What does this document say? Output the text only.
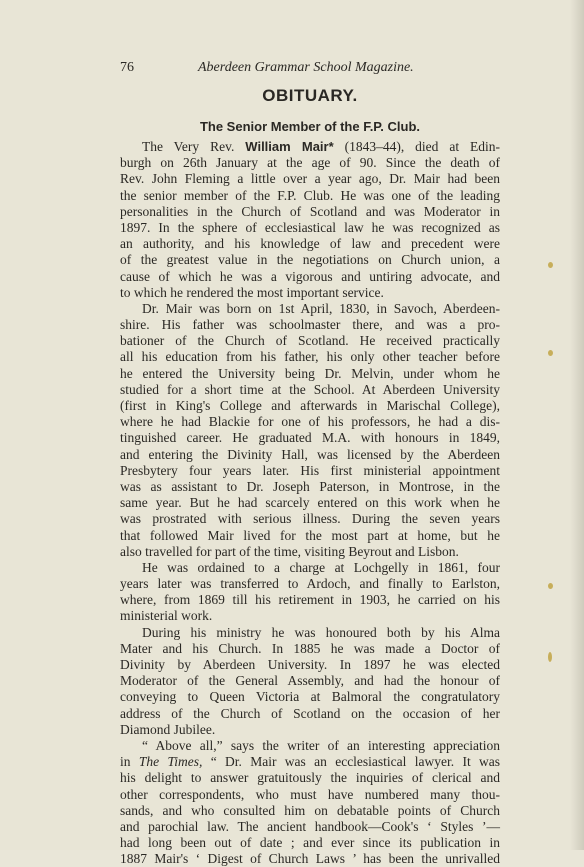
76	Aberdeen Grammar School Magazine.
OBITUARY.
The Senior Member of the F.P. Club.
The Very Rev. William Mair* (1843–44), died at Edin-
burgh on 26th January at the age of 90. Since the death of
Rev. John Fleming a little over a year ago, Dr. Mair had been
the senior member of the F.P. Club. He was one of the leading
personalities in the Church of Scotland and was Moderator in
1897. In the sphere of ecclesiastical law he was recognized as
an authority, and his knowledge of law and precedent were
of the greatest value in the negotiations on Church union, a
cause of which he was a vigorous and untiring advocate, and
to which he rendered the most important service.
Dr. Mair was born on 1st April, 1830, in Savoch, Aberdeen-
shire. His father was schoolmaster there, and was a pro-
bationer of the Church of Scotland. He received practically
all his education from his father, his only other teacher before
he entered the University being Dr. Melvin, under whom he
studied for a short time at the School. At Aberdeen University
(first in King's College and afterwards in Marischal College),
where he had Blackie for one of his professors, he had a dis-
tinguished career. He graduated M.A. with honours in 1849,
and entering the Divinity Hall, was licensed by the Aberdeen
Presbytery four years later. His first ministerial appointment
was as assistant to Dr. Joseph Paterson, in Montrose, in the
same year. But he had scarcely entered on this work when he
was prostrated with serious illness. During the seven years
that followed Mair lived for the most part at home, but he
also travelled for part of the time, visiting Beyrout and Lisbon.
He was ordained to a charge at Lochgelly in 1861, four
years later was transferred to Ardoch, and finally to Earlston,
where, from 1869 till his retirement in 1903, he carried on his
ministerial work.
During his ministry he was honoured both by his Alma
Mater and his Church. In 1885 he was made a Doctor of
Divinity by Aberdeen University. In 1897 he was elected
Moderator of the General Assembly, and had the honour of
conveying to Queen Victoria at Balmoral the congratulatory
address of the Church of Scotland on the occasion of her
Diamond Jubilee.
“ Above all,” says the writer of an interesting appreciation
in The Times, “ Dr. Mair was an ecclesiastical lawyer. It was
his delight to answer gratuitously the inquiries of clerical and
other correspondents, who must have numbered many thou-
sands, and who consulted him on debatable points of Church
and parochial law. The ancient handbook—Cook's ‘ Styles ’—
had long been out of date ; and ever since its publication in
1887 Mair's ‘ Digest of Church Laws ’ has been the unrivalled
